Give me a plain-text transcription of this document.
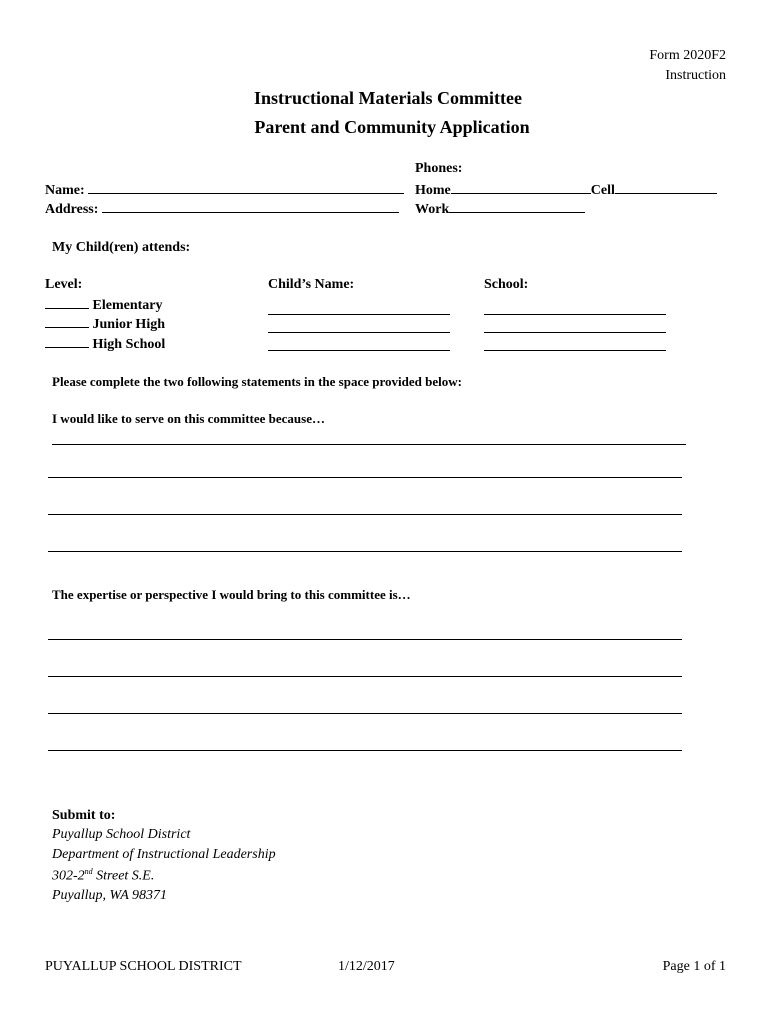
Form 2020F2
Instruction
Instructional Materials Committee
Parent and Community Application
Phones:
Name:	Home	Cell
Address:	Work
My Child(ren) attends:
Level:	Child’s Name:	School:
Elementary
Junior High
High School
Please complete the two following statements in the space provided below:
I would like to serve on this committee because…
The expertise or perspective I would bring to this committee is…
Submit to:
Puyallup School District
Department of Instructional Leadership
302-2nd Street S.E.
Puyallup, WA 98371
PUYALLUP SCHOOL DISTRICT	1/12/2017	Page 1 of 1
